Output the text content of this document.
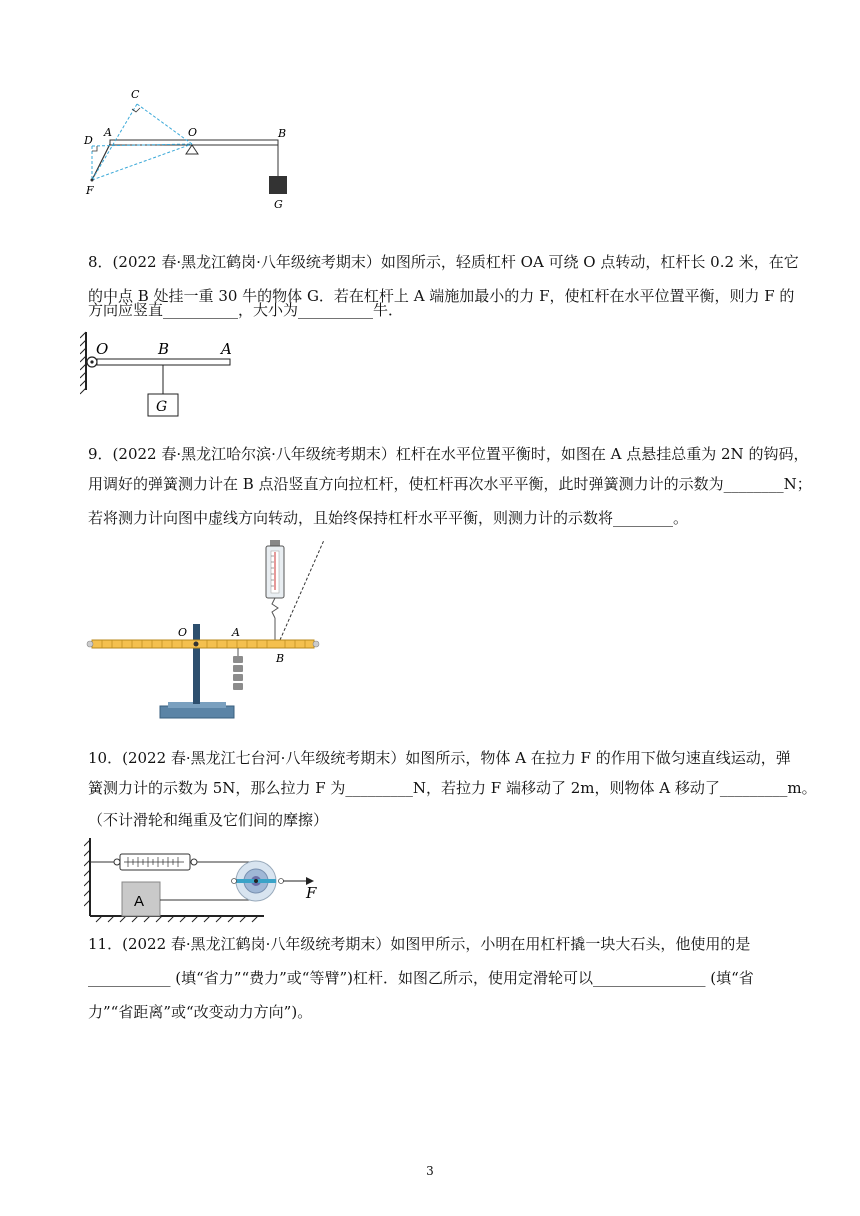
C
D
A	O	B
F
G
8．(2022 春·黑龙江鹤岗·八年级统考期末）如图所示，轻质杠杆 OA 可绕 O 点转动，杠杆长 0.2 米，在它
的中点 B 处挂一重 30 牛的物体 G．若在杠杆上 A 端施加最小的力 F，使杠杆在水平位置平衡，则力 F 的
方向应竖直__________，大小为__________牛．
O	B	A
G
9．(2022 春·黑龙江哈尔滨·八年级统考期末）杠杆在水平位置平衡时，如图在 A 点悬挂总重为 2N 的钩码，
用调好的弹簧测力计在 B 点沿竖直方向拉杠杆，使杠杆再次水平平衡，此时弹簧测力计的示数为________N；
若将测力计向图中虚线方向转动，且始终保持杠杆水平平衡，则测力计的示数将________。
O	A
B
10．(2022 春·黑龙江七台河·八年级统考期末）如图所示，物体 A 在拉力 F 的作用下做匀速直线运动，弹
簧测力计的示数为 5N，那么拉力 F 为_________N，若拉力 F 端移动了 2m，则物体 A 移动了_________m。
（不计滑轮和绳重及它们间的摩擦）
A	F
11．(2022 春·黑龙江鹤岗·八年级统考期末）如图甲所示，小明在用杠杆撬一块大石头，他使用的是
___________ (填“省力”“费力”或“等臂”)杠杆．如图乙所示，使用定滑轮可以_______________ (填“省
力”“省距离”或“改变动力方向”)。
3
